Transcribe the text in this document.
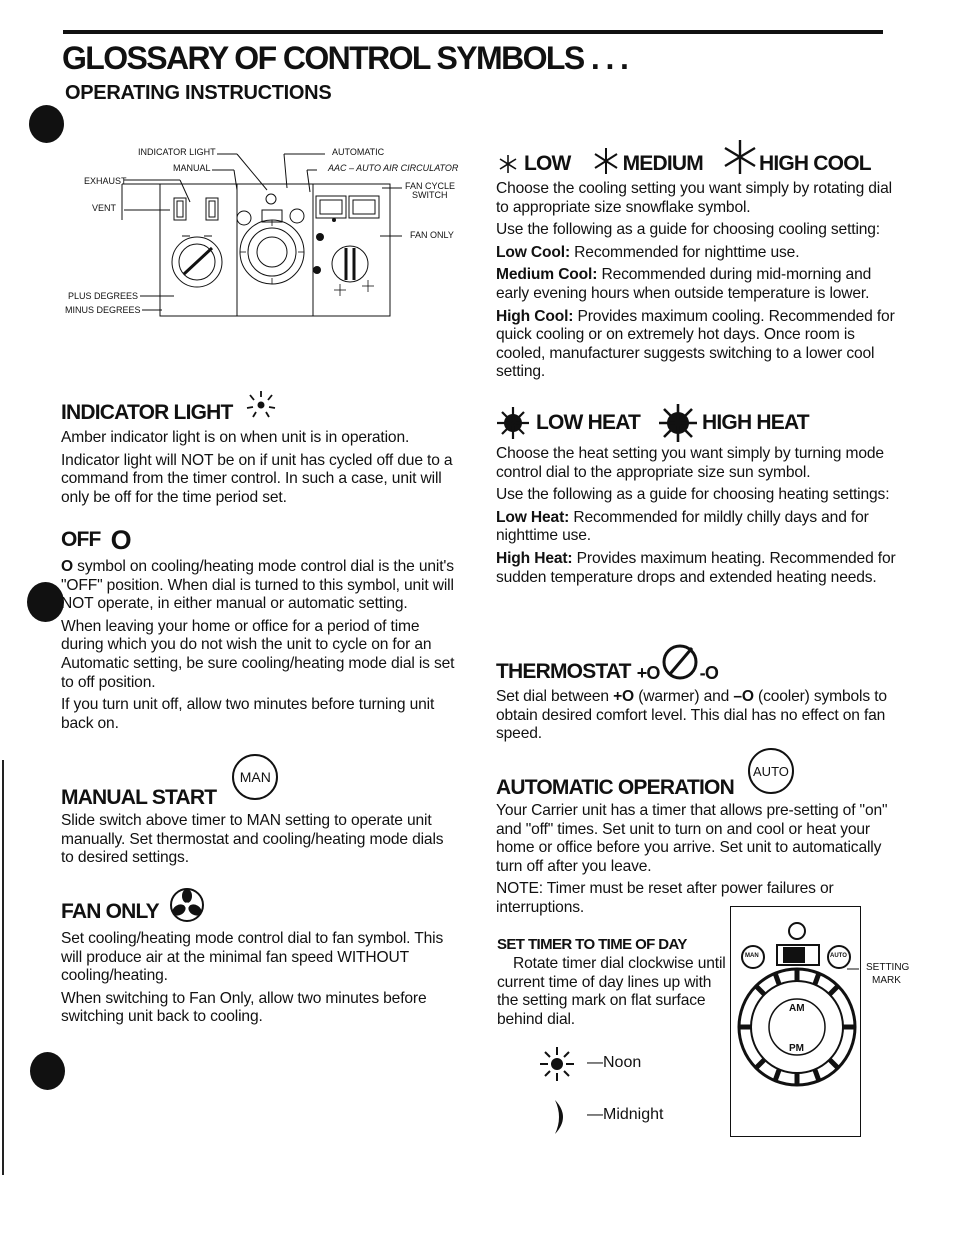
GLOSSARY OF CONTROL SYMBOLS . . .
OPERATING INSTRUCTIONS
INDICATOR LIGHT
MANUAL
EXHAUST
VENT
PLUS DEGREES
MINUS DEGREES
AUTOMATIC
AAC – AUTO AIR CIRCULATOR
FAN CYCLE
SWITCH
FAN ONLY
INDICATOR LIGHT

Amber indicator light is on when unit is in operation.

Indicator light will NOT be on if unit has cycled off due to a command from the timer control. In such a case, unit will only be off for the time period set.

OFF O

O symbol on cooling/heating mode control dial is the unit's "OFF" position. When dial is turned to this symbol, unit will NOT operate, in either manual or automatic setting.

When leaving your home or office for a period of time during which you do not wish the unit to cycle on for an Automatic setting, be sure cooling/heating mode dial is set to off position.

If you turn unit off, allow two minutes before turning unit back on.

MANUAL START
MAN

Slide switch above timer to MAN setting to operate unit manually. Set thermostat and cooling/heating mode dials to desired settings.

FAN ONLY

Set cooling/heating mode control dial to fan symbol. This will produce air at the minimal fan speed WITHOUT cooling/heating.

When switching to Fan Only, allow two minutes before switching unit back to cooling.

LOW MEDIUM	HIGH COOL

Choose the cooling setting you want simply by rotating dial to appropriate size snowflake symbol.

Use the following as a guide for choosing cooling setting:

Low Cool: Recommended for nighttime use.

Medium Cool: Recommended during mid-morning and early evening hours when outside temperature is lower.

High Cool: Provides maximum cooling. Recommended for quick cooling or on extremely hot days. Once room is cooled, manufacturer suggests switching to a lower cool setting.

LOW HEAT	HIGH HEAT

Choose the heat setting you want simply by turning mode control dial to the appropriate size sun symbol.

Use the following as a guide for choosing heating settings:

Low Heat: Recommended for mildly chilly days and for nighttime use.

High Heat: Provides maximum heating. Recommended for sudden temperature drops and extended heating needs.

THERMOSTAT +O -O

Set dial between +O (warmer) and –O (cooler) symbols to obtain desired comfort level. This dial has no effect on fan speed.

AUTOMATIC OPERATION
AUTO

Your Carrier unit has a timer that allows pre-setting of "on" and "off" times. Set unit to turn on and cool or heat your home or office before you arrive. Set unit to automatically turn off after you leave.

NOTE: Timer must be reset after power failures or interruptions.

SET TIMER TO TIME OF DAY

Rotate timer dial clockwise until current time of day lines up with the setting mark on flat surface behind dial.

—Noon
—Midnight
MAN	AUTO
AM
PM
SETTING
MARK
